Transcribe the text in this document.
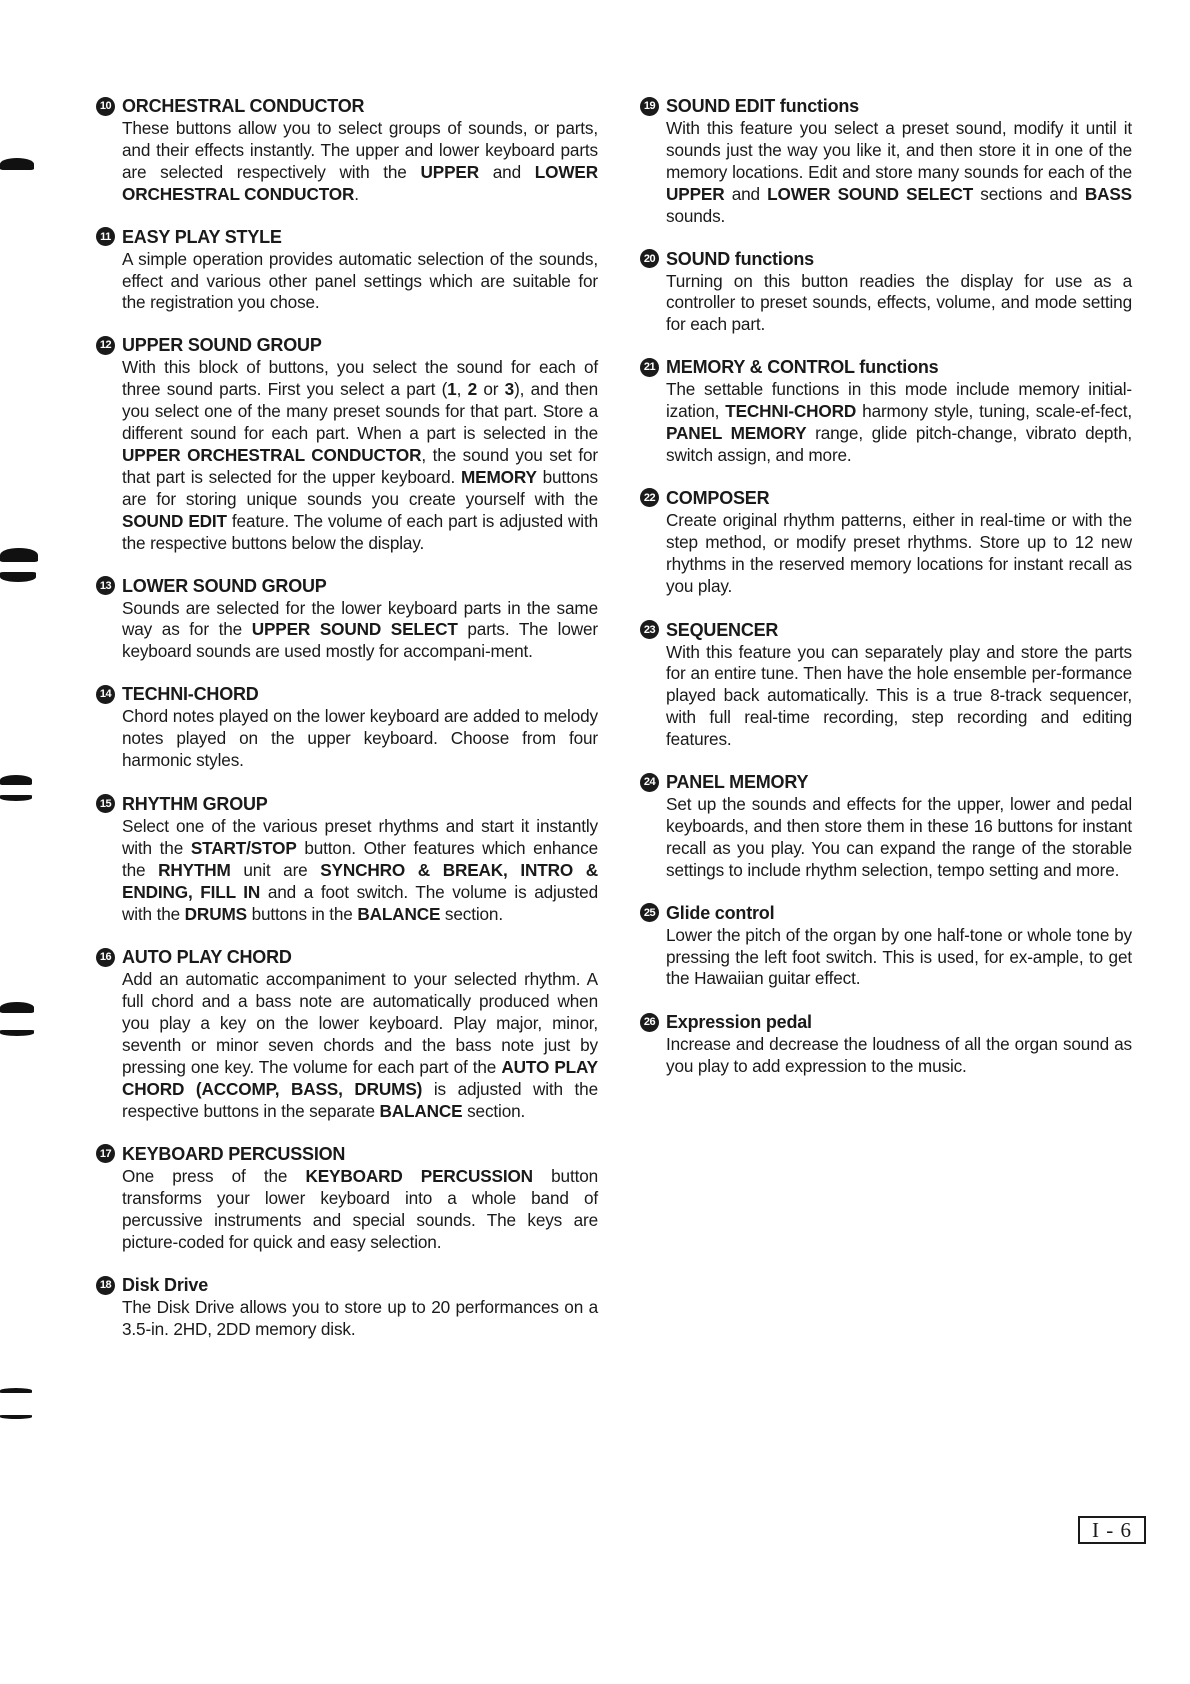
10 ORCHESTRAL CONDUCTOR

These buttons allow you to select groups of sounds, or parts, and their effects instantly. The upper and lower keyboard parts are selected respectively with the UPPER and LOWER ORCHESTRAL CONDUCTOR.

11 EASY PLAY STYLE

A simple operation provides automatic selection of the sounds, effect and various other panel settings which are suitable for the registration you chose.

12 UPPER SOUND GROUP

With this block of buttons, you select the sound for each of three sound parts. First you select a part (1, 2 or 3), and then you select one of the many preset sounds for that part. Store a different sound for each part. When a part is selected in the UPPER ORCHESTRAL CONDUCTOR, the sound you set for that part is selected for the upper keyboard. MEMORY buttons are for storing unique sounds you create yourself with the SOUND EDIT feature. The volume of each part is adjusted with the respective buttons below the display.

13 LOWER SOUND GROUP

Sounds are selected for the lower keyboard parts in the same way as for the UPPER SOUND SELECT parts. The lower keyboard sounds are used mostly for accompani-ment.

14 TECHNI-CHORD

Chord notes played on the lower keyboard are added to melody notes played on the upper keyboard. Choose from four harmonic styles.

15 RHYTHM GROUP

Select one of the various preset rhythms and start it instantly with the START/STOP button. Other features which enhance the RHYTHM unit are SYNCHRO & BREAK, INTRO & ENDING, FILL IN and a foot switch. The volume is adjusted with the DRUMS buttons in the BALANCE section.

16 AUTO PLAY CHORD

Add an automatic accompaniment to your selected rhythm. A full chord and a bass note are automatically produced when you play a key on the lower keyboard. Play major, minor, seventh or minor seven chords and the bass note just by pressing one key. The volume for each part of the AUTO PLAY CHORD (ACCOMP, BASS, DRUMS) is adjusted with the respective buttons in the separate BALANCE section.

17 KEYBOARD PERCUSSION

One press of the KEYBOARD PERCUSSION button transforms your lower keyboard into a whole band of percussive instruments and special sounds. The keys are picture-coded for quick and easy selection.

18 Disk Drive

The Disk Drive allows you to store up to 20 performances on a 3.5-in. 2HD, 2DD memory disk.

19 SOUND EDIT functions

With this feature you select a preset sound, modify it until it sounds just the way you like it, and then store it in one of the memory locations. Edit and store many sounds for each of the UPPER and LOWER SOUND SELECT sections and BASS sounds.

20 SOUND functions

Turning on this button readies the display for use as a controller to preset sounds, effects, volume, and mode setting for each part.

21 MEMORY & CONTROL functions

The settable functions in this mode include memory initial-ization, TECHNI-CHORD harmony style, tuning, scale-ef-fect, PANEL MEMORY range, glide pitch-change, vibrato depth, switch assign, and more.

22 COMPOSER

Create original rhythm patterns, either in real-time or with the step method, or modify preset rhythms. Store up to 12 new rhythms in the reserved memory locations for instant recall as you play.

23 SEQUENCER

With this feature you can separately play and store the parts for an entire tune. Then have the hole ensemble per-formance played back automatically. This is a true 8-track sequencer, with full real-time recording, step recording and editing features.

24 PANEL MEMORY

Set up the sounds and effects for the upper, lower and pedal keyboards, and then store them in these 16 buttons for instant recall as you play. You can expand the range of the storable settings to include rhythm selection, tempo setting and more.

25 Glide control

Lower the pitch of the organ by one half-tone or whole tone by pressing the left foot switch. This is used, for ex-ample, to get the Hawaiian guitar effect.

26 Expression pedal

Increase and decrease the loudness of all the organ sound as you play to add expression to the music.

I - 6
